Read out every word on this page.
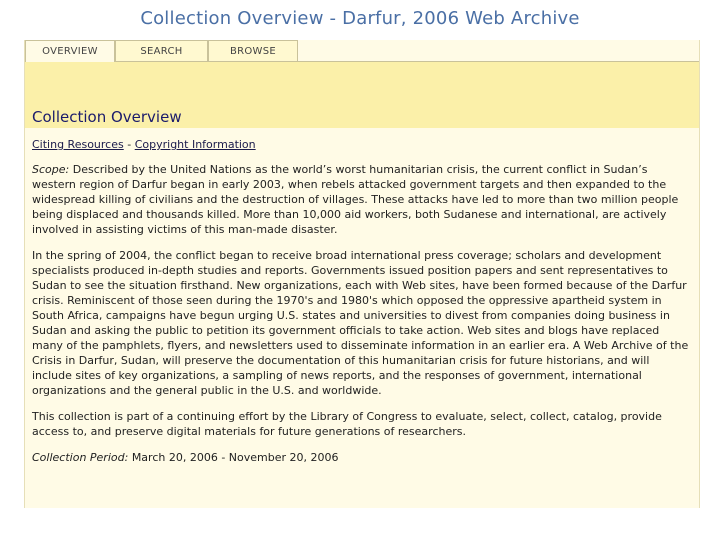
Collection Overview - Darfur, 2006 Web Archive
OVERVIEW	SEARCH	BROWSE
Collection Overview
Citing Resources - Copyright Information

Scope: Described by the United Nations as the world’s worst humanitarian crisis, the current conflict in Sudan’s western region of Darfur began in early 2003, when rebels attacked government targets and then expanded to the widespread killing of civilians and the destruction of villages. These attacks have led to more than two million people being displaced and thousands killed. More than 10,000 aid workers, both Sudanese and international, are actively involved in assisting victims of this man-made disaster.

In the spring of 2004, the conflict began to receive broad international press coverage; scholars and development specialists produced in-depth studies and reports. Governments issued position papers and sent representatives to Sudan to see the situation firsthand. New organizations, each with Web sites, have been formed because of the Darfur crisis. Reminiscent of those seen during the 1970's and 1980's which opposed the oppressive apartheid system in South Africa, campaigns have begun urging U.S. states and universities to divest from companies doing business in Sudan and asking the public to petition its government officials to take action. Web sites and blogs have replaced many of the pamphlets, flyers, and newsletters used to disseminate information in an earlier era. A Web Archive of the Crisis in Darfur, Sudan, will preserve the documentation of this humanitarian crisis for future historians, and will include sites of key organizations, a sampling of news reports, and the responses of government, international organizations and the general public in the U.S. and worldwide.

This collection is part of a continuing effort by the Library of Congress to evaluate, select, collect, catalog, provide access to, and preserve digital materials for future generations of researchers.

Collection Period: March 20, 2006 - November 20, 2006
